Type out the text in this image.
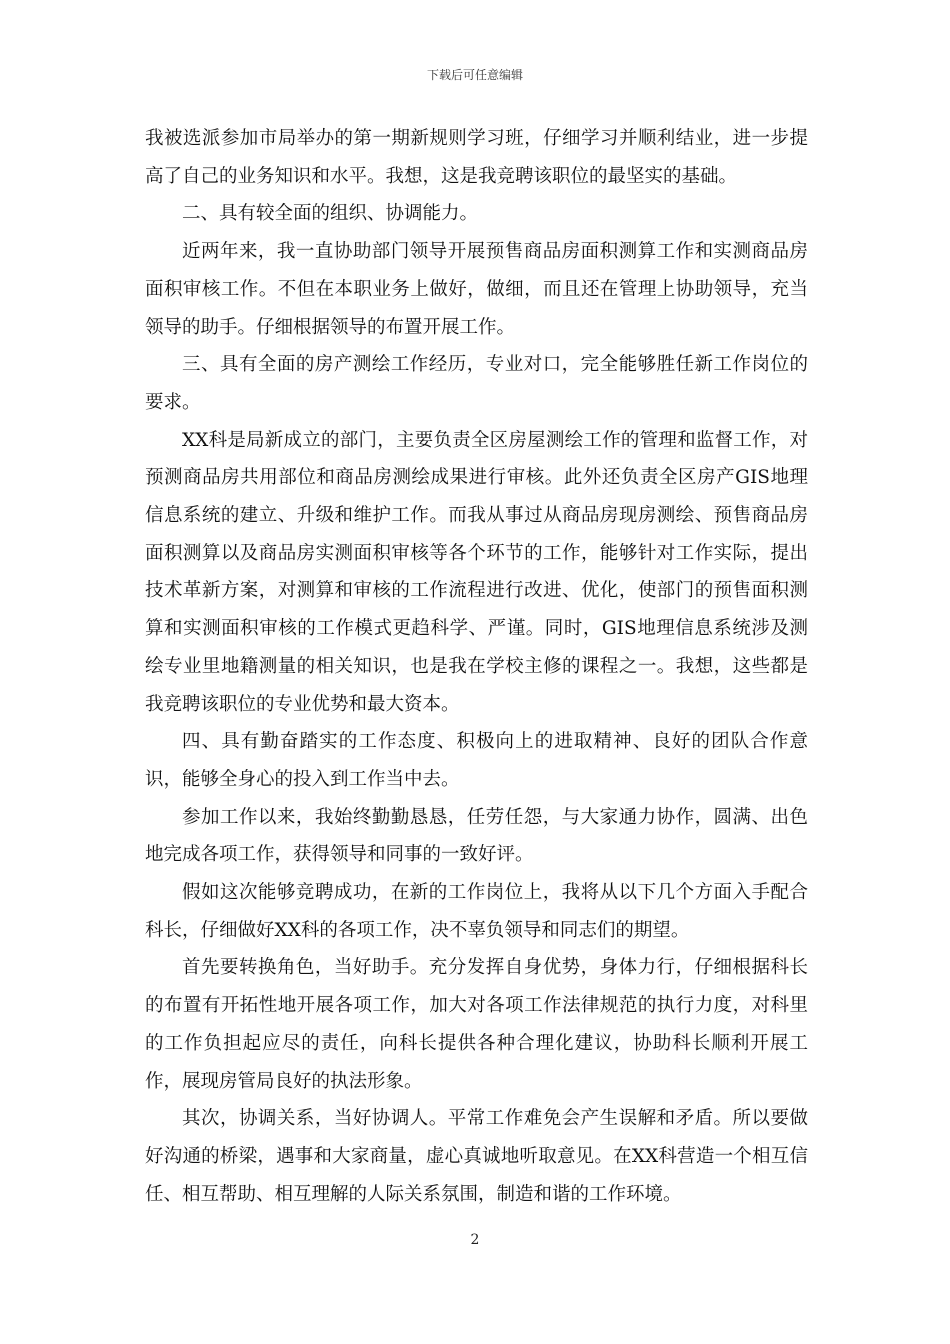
下载后可任意编辑

我被选派参加市局举办的第一期新规则学习班，仔细学习并顺利结业，进一步提高了自己的业务知识和水平。我想，这是我竞聘该职位的最坚实的基础。

二、具有较全面的组织、协调能力。

近两年来，我一直协助部门领导开展预售商品房面积测算工作和实测商品房面积审核工作。不但在本职业务上做好，做细，而且还在管理上协助领导，充当领导的助手。仔细根据领导的布置开展工作。

三、具有全面的房产测绘工作经历，专业对口，完全能够胜任新工作岗位的要求。

XX科是局新成立的部门，主要负责全区房屋测绘工作的管理和监督工作，对预测商品房共用部位和商品房测绘成果进行审核。此外还负责全区房产GIS地理信息系统的建立、升级和维护工作。而我从事过从商品房现房测绘、预售商品房面积测算以及商品房实测面积审核等各个环节的工作，能够针对工作实际，提出技术革新方案，对测算和审核的工作流程进行改进、优化，使部门的预售面积测算和实测面积审核的工作模式更趋科学、严谨。同时，GIS地理信息系统涉及测绘专业里地籍测量的相关知识，也是我在学校主修的课程之一。我想，这些都是我竞聘该职位的专业优势和最大资本。

四、具有勤奋踏实的工作态度、积极向上的进取精神、良好的团队合作意识，能够全身心的投入到工作当中去。

参加工作以来，我始终勤勤恳恳，任劳任怨，与大家通力协作，圆满、出色地完成各项工作，获得领导和同事的一致好评。

假如这次能够竞聘成功，在新的工作岗位上，我将从以下几个方面入手配合科长，仔细做好XX科的各项工作，决不辜负领导和同志们的期望。

首先要转换角色，当好助手。充分发挥自身优势，身体力行，仔细根据科长的布置有开拓性地开展各项工作，加大对各项工作法律规范的执行力度，对科里的工作负担起应尽的责任，向科长提供各种合理化建议，协助科长顺利开展工作，展现房管局良好的执法形象。

其次，协调关系，当好协调人。平常工作难免会产生误解和矛盾。所以要做好沟通的桥梁，遇事和大家商量，虚心真诚地听取意见。在XX科营造一个相互信任、相互帮助、相互理解的人际关系氛围，制造和谐的工作环境。

2
